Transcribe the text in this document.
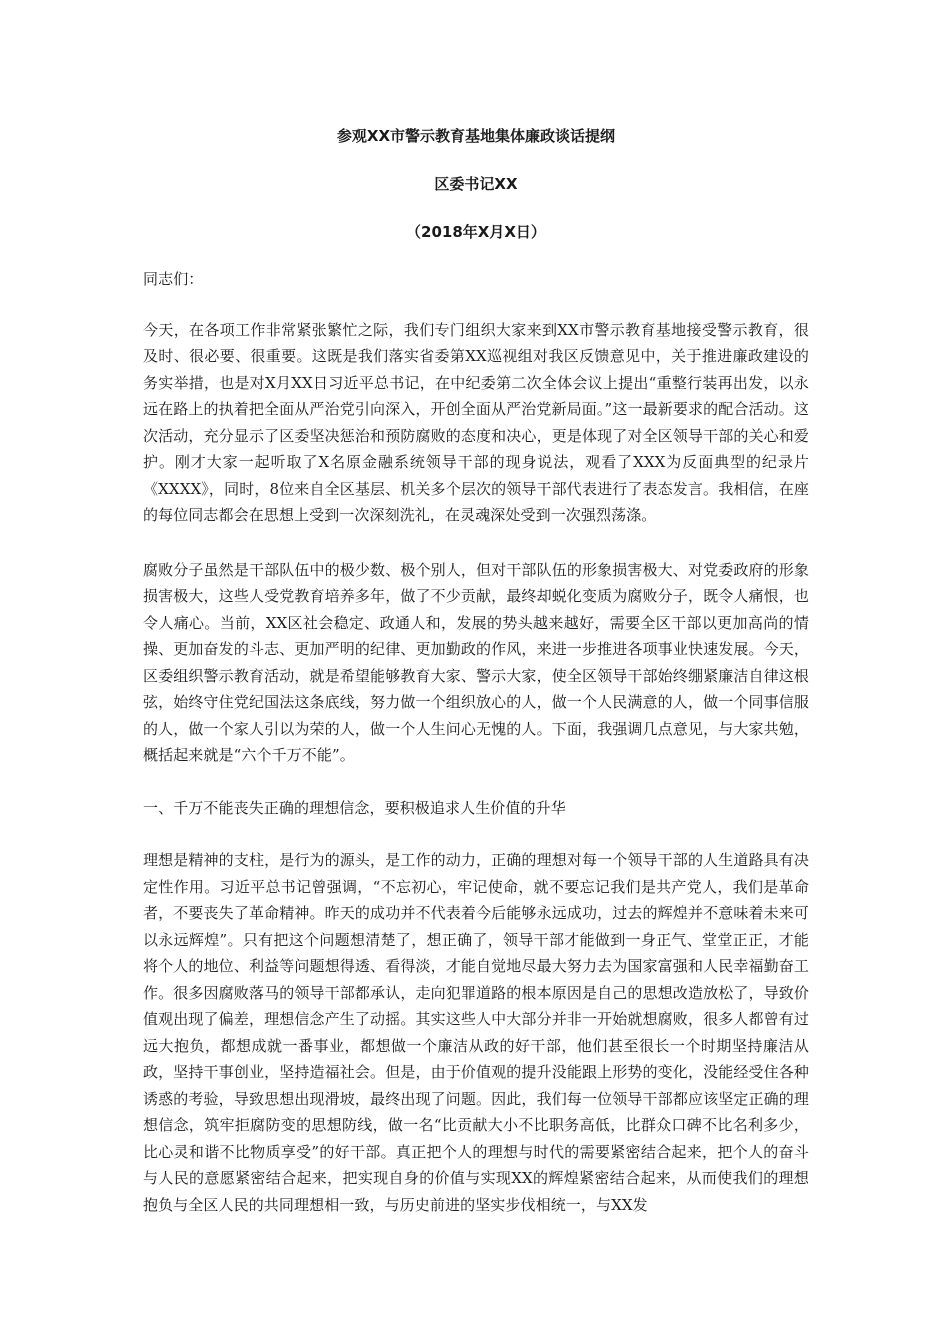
参观XX市警示教育基地集体廉政谈话提纲
区委书记XX
（2018年X月X日）

同志们：

今天，在各项工作非常紧张繁忙之际，我们专门组织大家来到XX市警示教育基地接受警示教育，很及时、很必要、很重要。这既是我们落实省委第XX巡视组对我区反馈意见中，关于推进廉政建设的务实举措，也是对X月XX日习近平总书记，在中纪委第二次全体会议上提出“重整行装再出发，以永远在路上的执着把全面从严治党引向深入，开创全面从严治党新局面。”这一最新要求的配合活动。这次活动，充分显示了区委坚决惩治和预防腐败的态度和决心，更是体现了对全区领导干部的关心和爱护。刚才大家一起听取了X名原金融系统领导干部的现身说法，观看了XXX为反面典型的纪录片《XXXX》，同时，8位来自全区基层、机关多个层次的领导干部代表进行了表态发言。我相信，在座的每位同志都会在思想上受到一次深刻洗礼，在灵魂深处受到一次强烈荡涤。

腐败分子虽然是干部队伍中的极少数、极个别人，但对干部队伍的形象损害极大、对党委政府的形象损害极大，这些人受党教育培养多年，做了不少贡献，最终却蜕化变质为腐败分子，既令人痛恨，也令人痛心。当前，XX区社会稳定、政通人和，发展的势头越来越好，需要全区干部以更加高尚的情操、更加奋发的斗志、更加严明的纪律、更加勤政的作风，来进一步推进各项事业快速发展。今天，区委组织警示教育活动，就是希望能够教育大家、警示大家，使全区领导干部始终绷紧廉洁自律这根弦，始终守住党纪国法这条底线，努力做一个组织放心的人，做一个人民满意的人，做一个同事信服的人，做一个家人引以为荣的人，做一个人生问心无愧的人。下面，我强调几点意见，与大家共勉，概括起来就是“六个千万不能”。

一、千万不能丧失正确的理想信念，要积极追求人生价值的升华

理想是精神的支柱，是行为的源头，是工作的动力，正确的理想对每一个领导干部的人生道路具有决定性作用。习近平总书记曾强调，“不忘初心，牢记使命，就不要忘记我们是共产党人，我们是革命者，不要丧失了革命精神。昨天的成功并不代表着今后能够永远成功，过去的辉煌并不意味着未来可以永远辉煌”。只有把这个问题想清楚了，想正确了，领导干部才能做到一身正气、堂堂正正，才能将个人的地位、利益等问题想得透、看得淡，才能自觉地尽最大努力去为国家富强和人民幸福勤奋工作。很多因腐败落马的领导干部都承认，走向犯罪道路的根本原因是自己的思想改造放松了，导致价值观出现了偏差，理想信念产生了动摇。其实这些人中大部分并非一开始就想腐败，很多人都曾有过远大抱负，都想成就一番事业，都想做一个廉洁从政的好干部，他们甚至很长一个时期坚持廉洁从政，坚持干事创业，坚持造福社会。但是，由于价值观的提升没能跟上形势的变化，没能经受住各种诱惑的考验，导致思想出现滑坡，最终出现了问题。因此，我们每一位领导干部都应该坚定正确的理想信念，筑牢拒腐防变的思想防线，做一名“比贡献大小不比职务高低，比群众口碑不比名利多少，比心灵和谐不比物质享受”的好干部。真正把个人的理想与时代的需要紧密结合起来，把个人的奋斗与人民的意愿紧密结合起来，把实现自身的价值与实现XX的辉煌紧密结合起来，从而使我们的理想抱负与全区人民的共同理想相一致，与历史前进的坚实步伐相统一，与XX发
